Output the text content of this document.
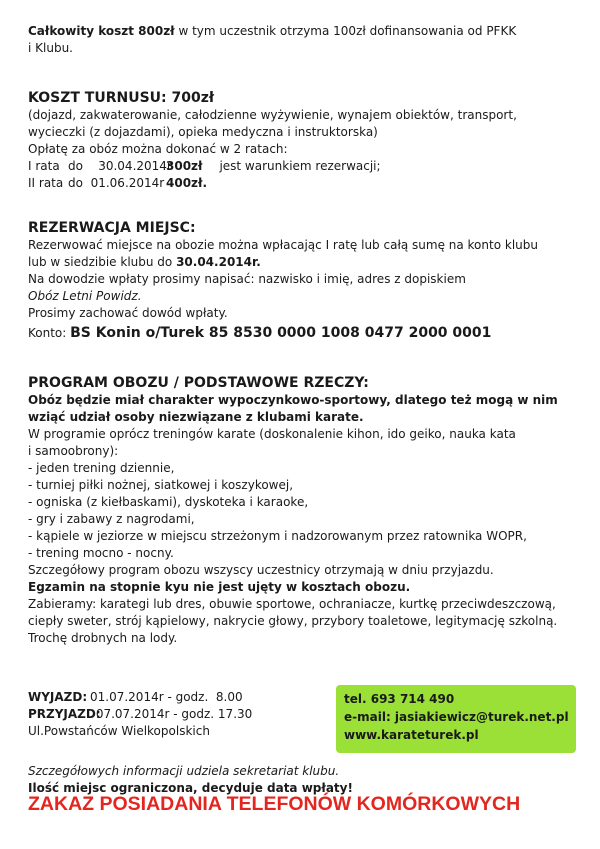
Całkowity koszt 800zł w tym uczestnik otrzyma 100zł dofinansowania od PFKK

i Klubu.

KOSZT TURNUSU: 700zł

(dojazd, zakwaterowanie, całodzienne wyżywienie, wynajem obiektów, transport,

wycieczki (z dojazdami), opieka medyczna i instruktorska)

Opłatę za obóz można dokonać w 2 ratach:

I rata do    30.04.2014r
300zł jest warunkiem rezerwacji;
II rata do  01.06.2014r 400zł.

REZERWACJA MIEJSC:

Rezerwować miejsce na obozie można wpłacając I ratę lub całą sumę na konto klubu

lub w siedzibie klubu do 30.04.2014r.

Na dowodzie wpłaty prosimy napisać: nazwisko i imię, adres z dopiskiem

Obóz Letni Powidz.

Prosimy zachować dowód wpłaty.

Konto: BS Konin o/Turek 85 8530 0000 1008 0477 2000 0001

PROGRAM OBOZU / PODSTAWOWE RZECZY:

Obóz będzie miał charakter wypoczynkowo-sportowy, dlatego też mogą w nim

wziąć udział osoby niezwiązane z klubami karate.

W programie oprócz treningów karate (doskonalenie kihon, ido geiko, nauka kata

i samoobrony):

- jeden trening dziennie,

- turniej piłki nożnej, siatkowej i koszykowej,

- ogniska (z kiełbaskami), dyskoteka i karaoke,

- gry i zabawy z nagrodami,

- kąpiele w jeziorze w miejscu strzeżonym i nadzorowanym przez ratownika WOPR,

- trening mocno - nocny.

Szczegółowy program obozu wszyscy uczestnicy otrzymają w dniu przyjazdu.

Egzamin na stopnie kyu nie jest ujęty w kosztach obozu.

Zabieramy: karategi lub dres, obuwie sportowe, ochraniacze, kurtkę przeciwdeszczową,

ciepły sweter, strój kąpielowy, nakrycie głowy, przybory toaletowe, legitymację szkolną.

Trochę drobnych na lody.

WYJAZD: 01.07.2014r - godz.  8.00
PRZYJAZD:
07.07.2014r - godz. 17.30

Ul.Powstańców Wielkopolskich

tel. 693 714 490

e-mail: jasiakiewicz@turek.net.pl

www.karateturek.pl

Szczegółowych informacji udziela sekretariat klubu.

Ilość miejsc ograniczona, decyduje data wpłaty!

ZAKAZ POSIADANIA TELEFONÓW KOMÓRKOWYCH
